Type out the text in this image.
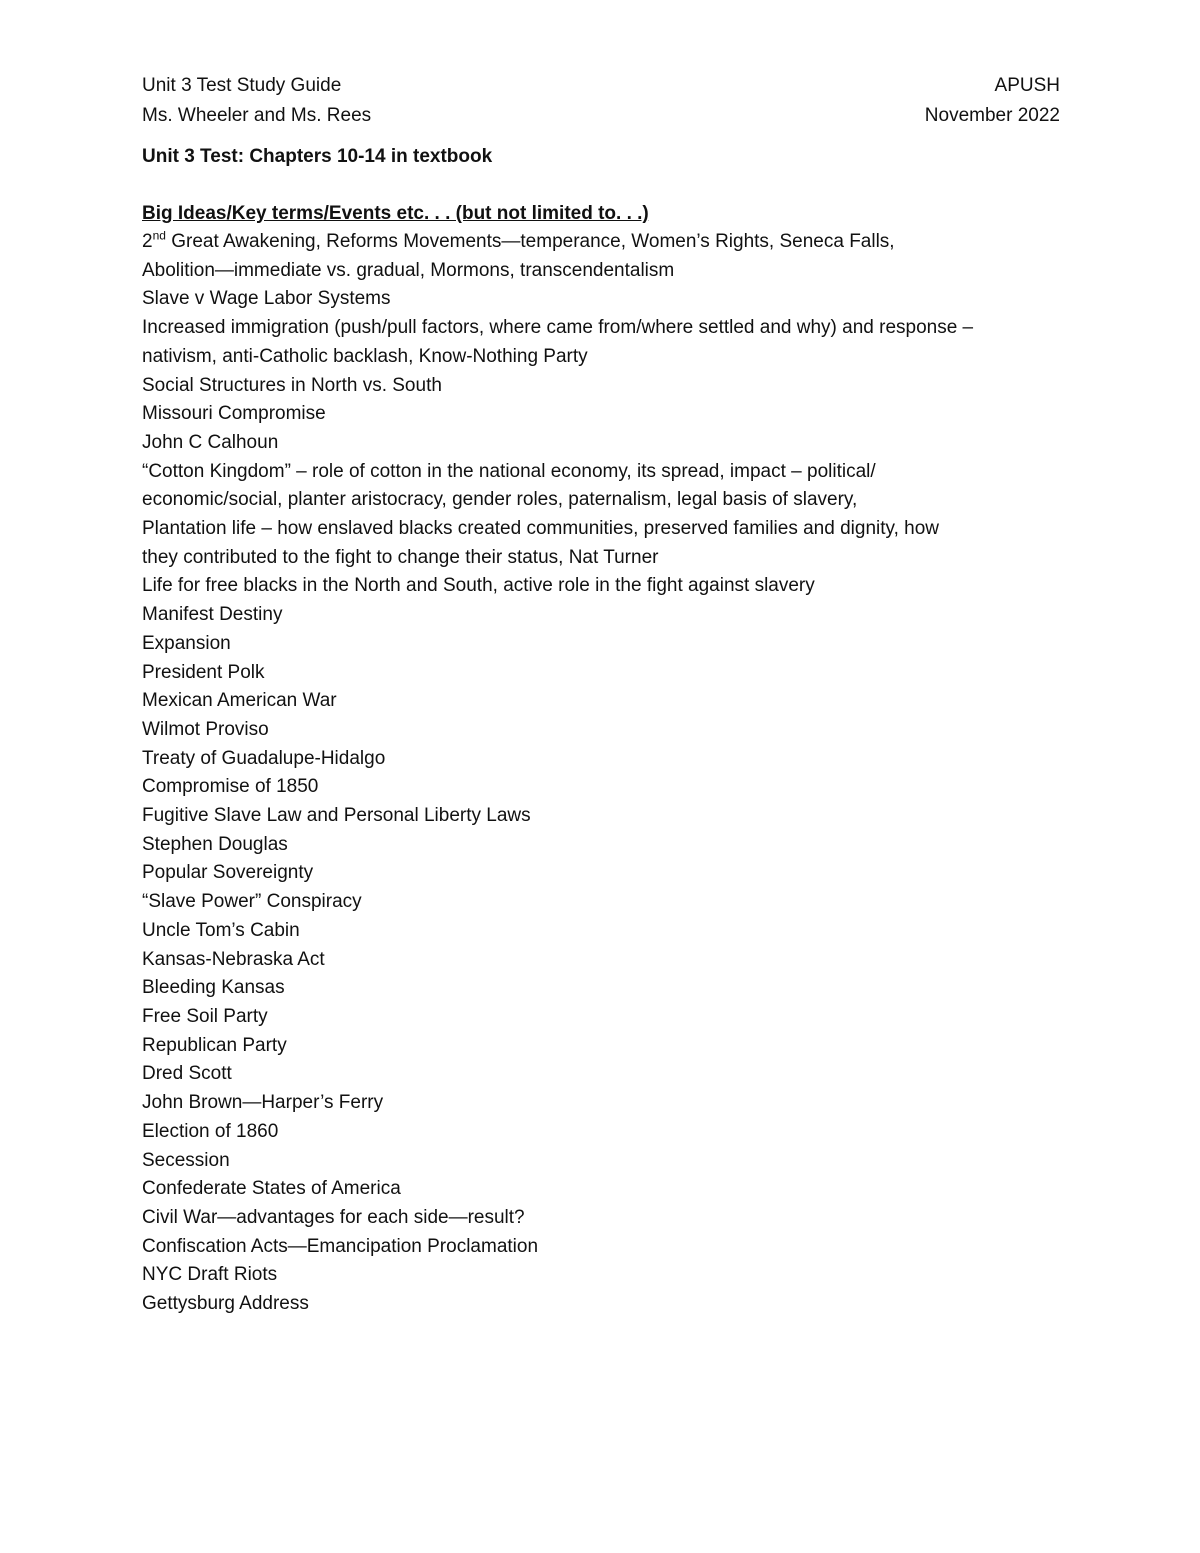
Unit 3 Test Study Guide	APUSH
Ms. Wheeler and Ms. Rees	November 2022
Unit 3 Test: Chapters 10-14 in textbook
Big Ideas/Key terms/Events etc. . . (but not limited to. . .)
2nd Great Awakening, Reforms Movements—temperance, Women’s Rights, Seneca Falls,
Abolition—immediate vs. gradual, Mormons, transcendentalism
Slave v Wage Labor Systems
Increased immigration (push/pull factors, where came from/where settled and why) and response –
nativism, anti-Catholic backlash, Know-Nothing Party
Social Structures in North vs. South
Missouri Compromise
John C Calhoun
“Cotton Kingdom” – role of cotton in the national economy, its spread, impact – political/
economic/social, planter aristocracy, gender roles, paternalism, legal basis of slavery,
Plantation life – how enslaved blacks created communities, preserved families and dignity, how
they contributed to the fight to change their status, Nat Turner
Life for free blacks in the North and South, active role in the fight against slavery
Manifest Destiny
Expansion
President Polk
Mexican American War
Wilmot Proviso
Treaty of Guadalupe-Hidalgo
Compromise of 1850
Fugitive Slave Law and Personal Liberty Laws
Stephen Douglas
Popular Sovereignty
“Slave Power” Conspiracy
Uncle Tom’s Cabin
Kansas-Nebraska Act
Bleeding Kansas
Free Soil Party
Republican Party
Dred Scott
John Brown—Harper’s Ferry
Election of 1860
Secession
Confederate States of America
Civil War—advantages for each side—result?
Confiscation Acts—Emancipation Proclamation
NYC Draft Riots
Gettysburg Address
